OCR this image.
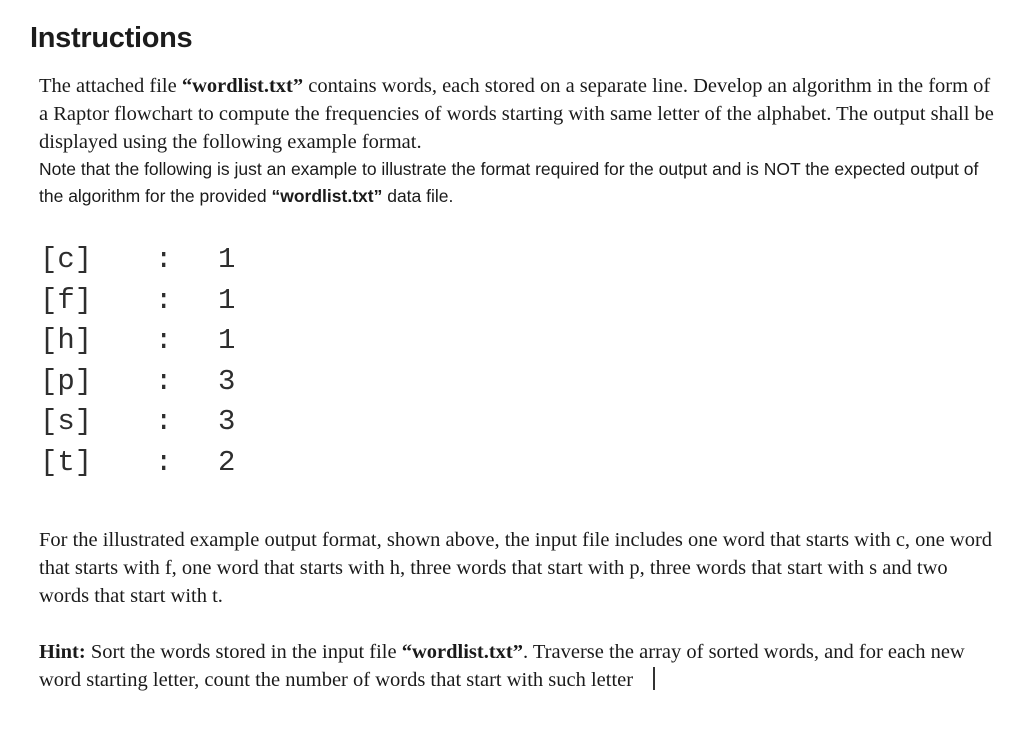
Instructions

The attached file “wordlist.txt” contains words, each stored on a separate line. Develop an algorithm in the form of a Raptor flowchart to compute the frequencies of words starting with same letter of the alphabet. The output shall be displayed using the following example format.
Note that the following is just an example to illustrate the format required for the output and is NOT the expected output of the algorithm for the provided “wordlist.txt” data file.

[c] : 1
[f] : 1
[h] : 1
[p] : 3
[s] : 3
[t] : 2

For the illustrated example output format, shown above, the input file includes one word that starts with c, one word that starts with f, one word that starts with h, three words that start with p, three words that start with s and two words that start with t.

Hint: Sort the words stored in the input file “wordlist.txt”. Traverse the array of sorted words, and for each new word starting letter, count the number of words that start with such letter
